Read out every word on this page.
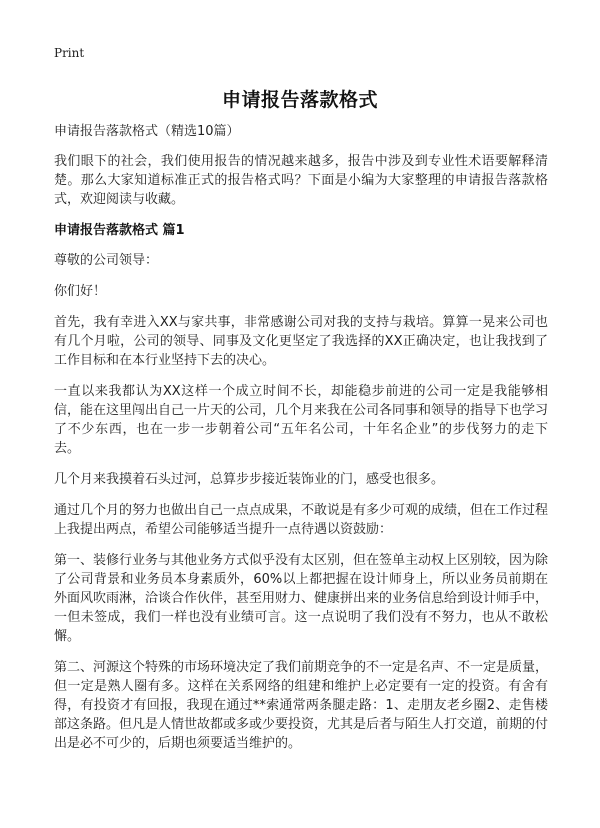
Print
申请报告落款格式

申请报告落款格式（精选10篇）

我们眼下的社会，我们使用报告的情况越来越多，报告中涉及到专业性术语要解释清楚。那么大家知道标准正式的报告格式吗？下面是小编为大家整理的申请报告落款格式，欢迎阅读与收藏。

申请报告落款格式 篇1

尊敬的公司领导：

你们好！

首先，我有幸进入XX与家共事，非常感谢公司对我的支持与栽培。算算一晃来公司也有几个月啦，公司的领导、同事及文化更坚定了我选择的XX正确决定，也让我找到了工作目标和在本行业坚持下去的决心。

一直以来我都认为XX这样一个成立时间不长，却能稳步前进的公司一定是我能够相信，能在这里闯出自己一片天的公司，几个月来我在公司各同事和领导的指导下也学习了不少东西，也在一步一步朝着公司“五年名公司，十年名企业”的步伐努力的走下去。

几个月来我摸着石头过河，总算步步接近装饰业的门，感受也很多。

通过几个月的努力也做出自己一点点成果，不敢说是有多少可观的成绩，但在工作过程上我提出两点，希望公司能够适当提升一点待遇以资鼓励：

第一、装修行业务与其他业务方式似乎没有太区别，但在签单主动权上区别较，因为除了公司背景和业务员本身素质外，60%以上都把握在设计师身上，所以业务员前期在外面风吹雨淋，洽谈合作伙伴，甚至用财力、健康拼出来的业务信息给到设计师手中，一但未签成，我们一样也没有业绩可言。这一点说明了我们没有不努力，也从不敢松懈。

第二、河源这个特殊的市场环境决定了我们前期竞争的不一定是名声、不一定是质量，但一定是熟人圈有多。这样在关系网络的组建和维护上必定要有一定的投资。有舍有得，有投资才有回报，我现在通过**索通常两条腿走路：1、走朋友老乡圈2、走售楼部这条路。但凡是人情世故都或多或少要投资，尤其是后者与陌生人打交道，前期的付出是必不可少的，后期也须要适当维护的。
